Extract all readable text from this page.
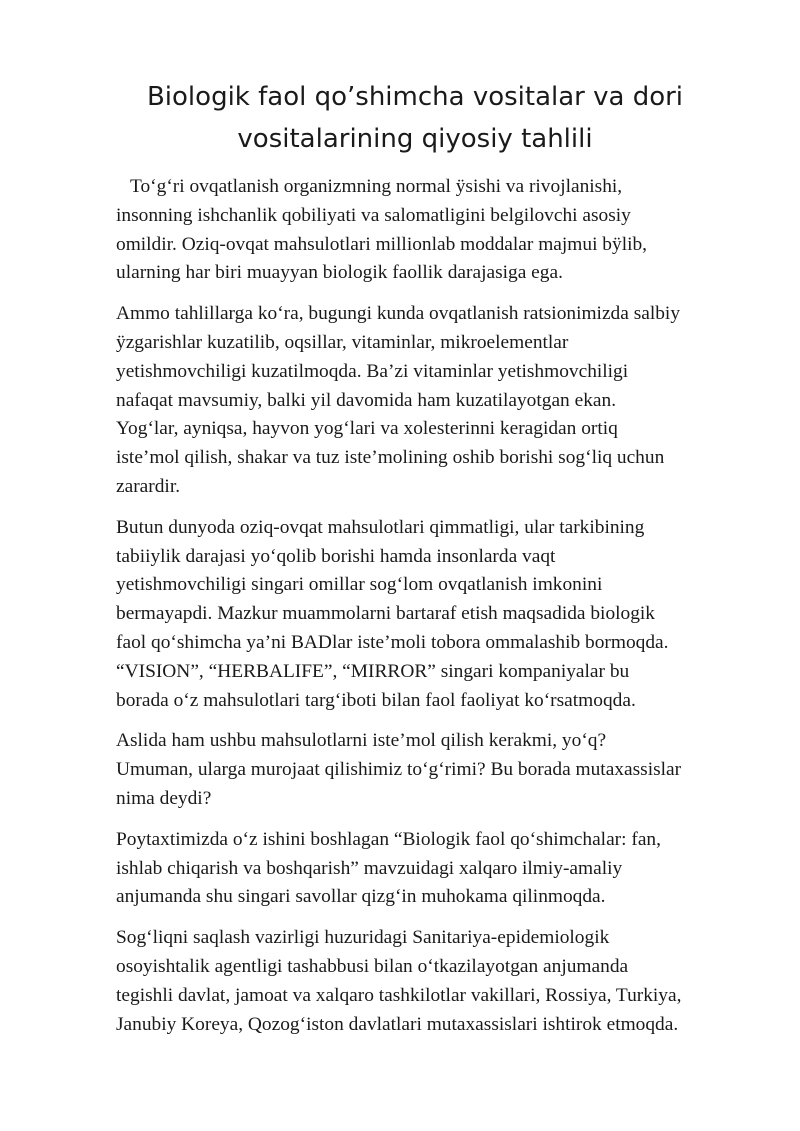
Biologik faol qo’shimcha vositalar va dori
vositalarining qiyosiy tahlili

To‘g‘ri ovqatlanish organizmning normal ÿsishi va rivojlanishi,
insonning ishchanlik qobiliyati va salomatligini belgilovchi asosiy
omildir. Oziq-ovqat mahsulotlari millionlab moddalar majmui bÿlib,
ularning har biri muayyan biologik faollik darajasiga ega.

Ammo tahlillarga ko‘ra, bugungi kunda ovqatlanish ratsionimizda salbiy
ÿzgarishlar kuzatilib, oqsillar, vitaminlar, mikroelementlar
yetishmovchiligi kuzatilmoqda. Ba’zi vitaminlar yetishmovchiligi
nafaqat mavsumiy, balki yil davomida ham kuzatilayotgan ekan.
Yog‘lar, ayniqsa, hayvon yog‘lari va xolesterinni keragidan ortiq
iste’mol qilish, shakar va tuz iste’molining oshib borishi sog‘liq uchun
zarardir.

Butun dunyoda oziq-ovqat mahsulotlari qimmatligi, ular tarkibining
tabiiylik darajasi yo‘qolib borishi hamda insonlarda vaqt
yetishmovchiligi singari omillar sog‘lom ovqatlanish imkonini
bermayapdi. Mazkur muammolarni bartaraf etish maqsadida biologik
faol qo‘shimcha ya’ni BADlar iste’moli tobora ommalashib bormoqda.
“VISION”, “HERBALIFE”, “MIRROR” singari kompaniyalar bu
borada o‘z mahsulotlari targ‘iboti bilan faol faoliyat ko‘rsatmoqda.

Aslida ham ushbu mahsulotlarni iste’mol qilish kerakmi, yo‘q?
Umuman, ularga murojaat qilishimiz to‘g‘rimi? Bu borada mutaxassislar
nima deydi?

Poytaxtimizda o‘z ishini boshlagan “Biologik faol qo‘shimchalar: fan,
ishlab chiqarish va boshqarish” mavzuidagi xalqaro ilmiy-amaliy
anjumanda shu singari savollar qizg‘in muhokama qilinmoqda.

Sog‘liqni saqlash vazirligi huzuridagi Sanitariya-epidemiologik
osoyishtalik agentligi tashabbusi bilan o‘tkazilayotgan anjumanda
tegishli davlat, jamoat va xalqaro tashkilotlar vakillari, Rossiya, Turkiya,
Janubiy Koreya, Qozog‘iston davlatlari mutaxassislari ishtirok etmoqda.
